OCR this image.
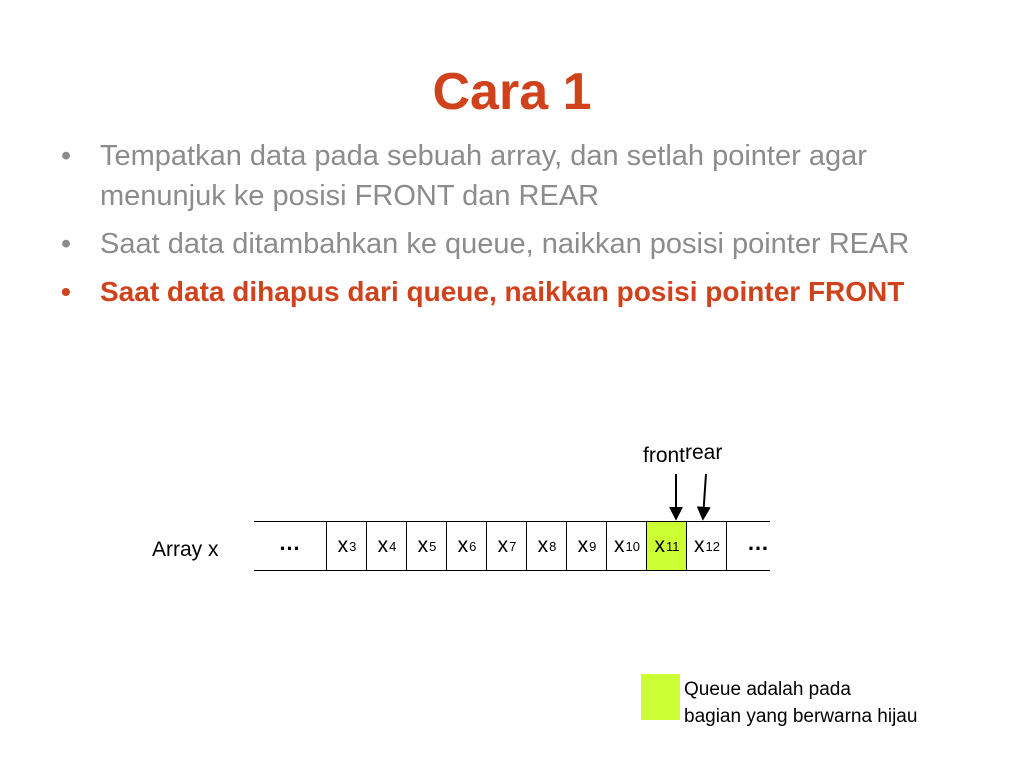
Cara 1
• Tempatkan data pada sebuah array, dan setlah pointer agar menunjuk ke posisi FRONT dan REAR
• Saat data ditambahkan ke queue, naikkan posisi pointer REAR
• Saat data dihapus dari queue, naikkan posisi pointer FRONT
front rear
Array x	…	x 3 x 4 x 5 x 6 x 7 x 8 x 9 x 10 x 11 x 12	…
Queue adalah pada
bagian yang berwarna hijau
